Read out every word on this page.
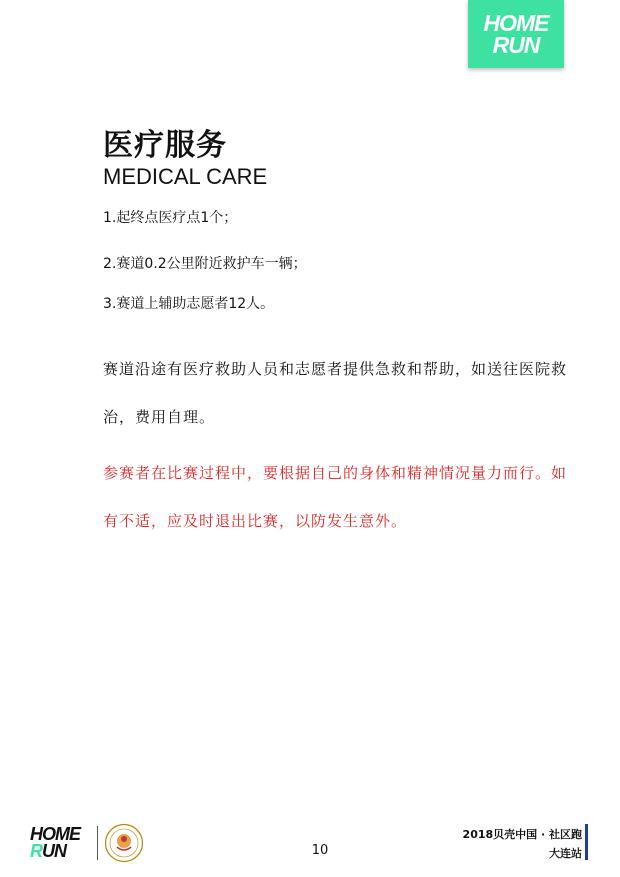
HOME
RUN
医疗服务
MEDICAL CARE
1.起终点医疗点1个；
2.赛道0.2公里附近救护车一辆；
3.赛道上辅助志愿者12人。
赛道沿途有医疗救助人员和志愿者提供急救和帮助，如送往医院救治，费用自理。
参赛者在比赛过程中，要根据自己的身体和精神情况量力而行。如有不适，应及时退出比赛，以防发生意外。
HOME
RUN	10
2018贝壳中国 · 社区跑
大连站
